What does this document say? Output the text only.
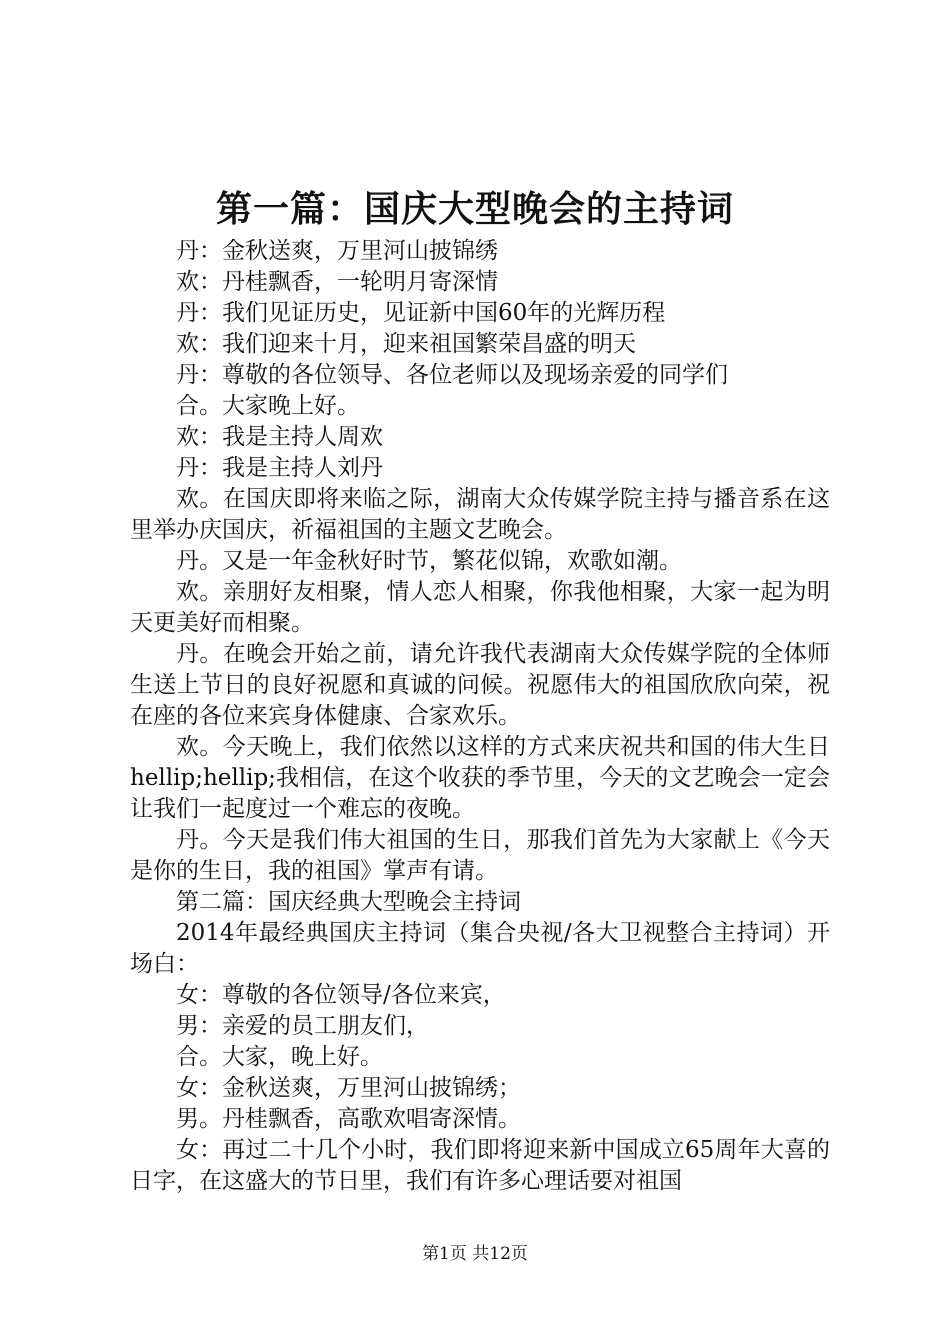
第一篇：国庆大型晚会的主持词

丹：金秋送爽，万里河山披锦绣

欢：丹桂飘香，一轮明月寄深情

丹：我们见证历史，见证新中国60年的光辉历程

欢：我们迎来十月，迎来祖国繁荣昌盛的明天

丹：尊敬的各位领导、各位老师以及现场亲爱的同学们

合。大家晚上好。

欢：我是主持人周欢

丹：我是主持人刘丹

欢。在国庆即将来临之际，湖南大众传媒学院主持与播音系在这里举办庆国庆，祈福祖国的主题文艺晚会。

丹。又是一年金秋好时节，繁花似锦，欢歌如潮。

欢。亲朋好友相聚，情人恋人相聚，你我他相聚，大家一起为明天更美好而相聚。

丹。在晚会开始之前，请允许我代表湖南大众传媒学院的全体师生送上节日的良好祝愿和真诚的问候。祝愿伟大的祖国欣欣向荣，祝在座的各位来宾身体健康、合家欢乐。

欢。今天晚上，我们依然以这样的方式来庆祝共和国的伟大生日hellip;hellip;我相信，在这个收获的季节里，今天的文艺晚会一定会让我们一起度过一个难忘的夜晚。

丹。今天是我们伟大祖国的生日，那我们首先为大家献上《今天是你的生日，我的祖国》掌声有请。

第二篇：国庆经典大型晚会主持词

2014年最经典国庆主持词（集合央视/各大卫视整合主持词）开场白：

女：尊敬的各位领导/各位来宾，

男：亲爱的员工朋友们，

合。大家，晚上好。

女：金秋送爽，万里河山披锦绣；

男。丹桂飘香，高歌欢唱寄深情。

女：再过二十几个小时，我们即将迎来新中国成立65周年大喜的日字，在这盛大的节日里，我们有许多心理话要对祖国

第1页 共12页
